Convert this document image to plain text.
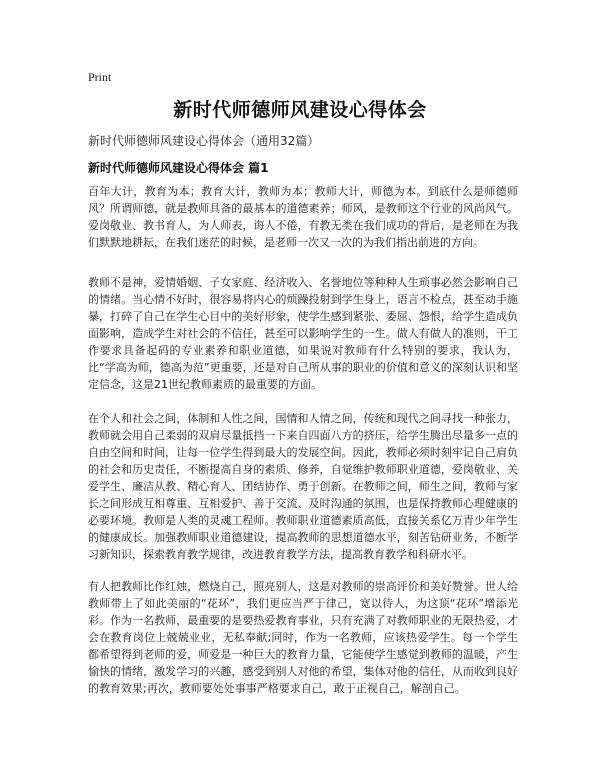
Print
新时代师德师风建设心得体会

新时代师德师风建设心得体会（通用32篇）

新时代师德师风建设心得体会 篇1

百年大计，教育为本；教育大计，教师为本；教师大计，师德为本。到底什么是师德师风？所谓师德，就是教师具备的最基本的道德素养；师风，是教师这个行业的风尚风气。爱岗敬业、教书育人，为人师表，诲人不倦，有教无类在我们成功的背后，是老师在为我们默默地耕耘，在我们迷茫的时候，是老师一次又一次的为我们指出前进的方向。

教师不是神，爱情婚姻、子女家庭、经济收入、名誉地位等种种人生琐事必然会影响自己的情绪。当心情不好时，很容易将内心的烦躁投射到学生身上，语言不检点，甚至动手施暴，打碎了自己在学生心目中的美好形象，使学生感到紧张、委屈、怨恨，给学生造成负面影响，造成学生对社会的不信任，甚至可以影响学生的一生。做人有做人的准则，干工作要求具备起码的专业素养和职业道德，如果说对教师有什么特别的要求，我认为，比“学高为师，德高为范”更重要，还是对自己所从事的职业的价值和意义的深刻认识和坚定信念，这是21世纪教师素质的最重要的方面。

在个人和社会之间，体制和人性之间，国情和人情之间，传统和现代之间寻找一种张力，教师就会用自己柔弱的双肩尽量抵挡一下来自四面八方的挤压，给学生腾出尽量多一点的自由空间和时间，让每一位学生得到最大的发展空间。因此，教师必须时刻牢记自己肩负的社会和历史责任，不断提高自身的素质、修养，自觉维护教师职业道德，爱岗敬业、关爱学生、廉洁从教、精心育人、团结协作、勇于创新。在教师之间，师生之间，教师与家长之间形成互相尊重、互相爱护、善于交流、及时沟通的氛围，也是保持教师心理健康的必要环境。教师是人类的灵魂工程师。教师职业道德素质高低，直接关系亿万青少年学生的健康成长。加强教师职业道德建设，提高教师的思想道德水平，刻苦钻研业务，不断学习新知识，探索教育教学规律，改进教育教学方法，提高教育教学和科研水平。

有人把教师比作红烛，燃烧自己，照亮别人，这是对教师的崇高评价和美好赞誉。世人给教师带上了如此美丽的“花环”，我们更应当严于律己，宽以待人，为这顶“花环”增添光彩。作为一名教师，最重要的是要热爱教育事业，只有充满了对教师职业的无限热爱，才会在教育岗位上兢兢业业，无私奉献;同时，作为一名教师，应该热爱学生。每一个学生都希望得到老师的爱，师爱是一种巨大的教育力量，它能使学生感觉到教师的温暖，产生愉快的情绪，激发学习的兴趣，感受到别人对他的希望，集体对他的信任，从而收到良好的教育效果;再次，教师要处处事事严格要求自己，敢于正视自己，解剖自己。
